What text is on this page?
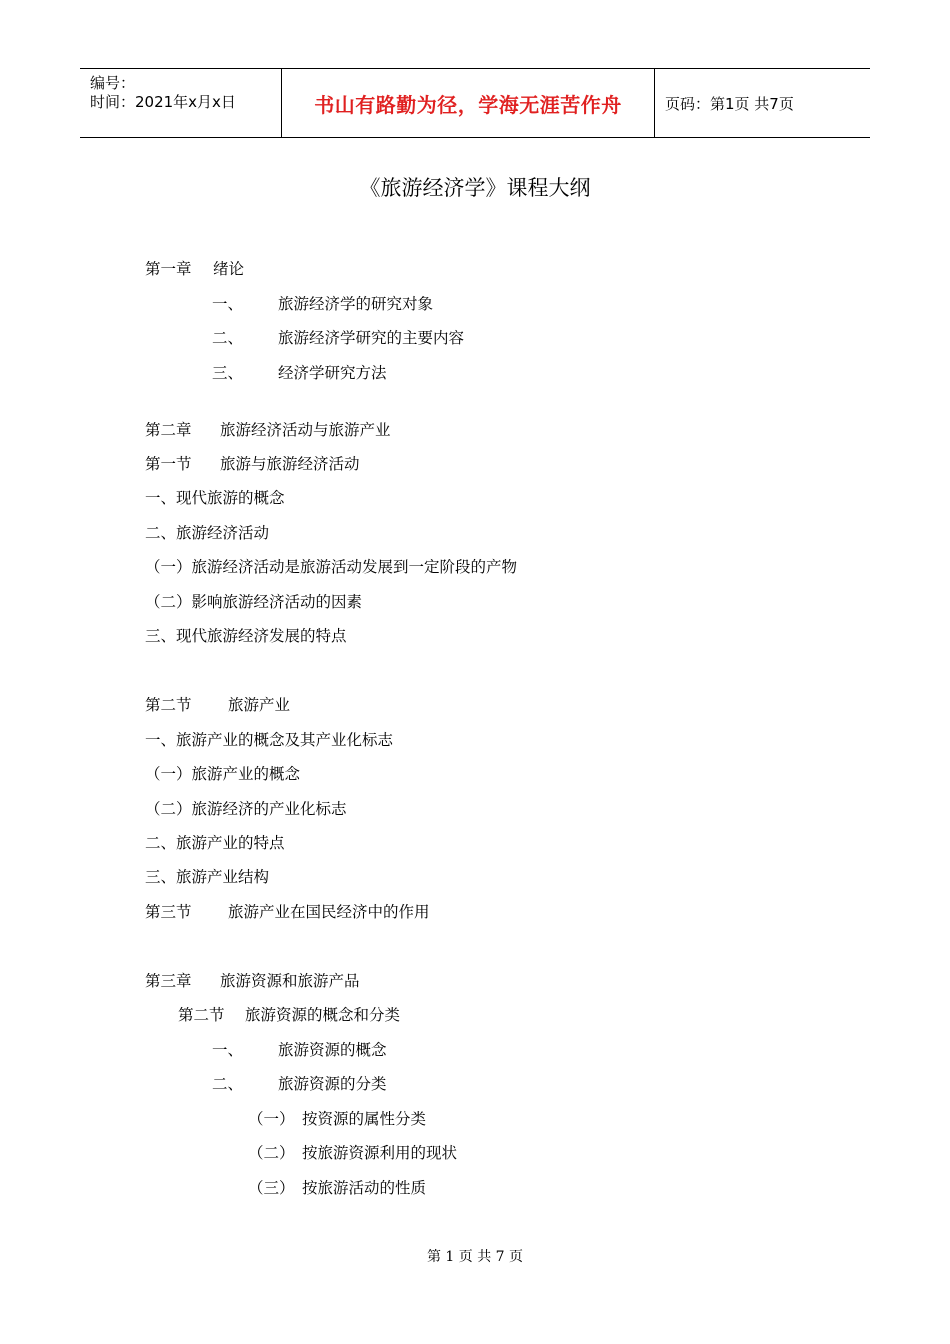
编号：
时间：2021年x月x日	书山有路勤为径，学海无涯苦作舟	页码：第1页 共7页
《旅游经济学》课程大纲
第一章 绪论
一、 旅游经济学的研究对象
二、 旅游经济学研究的主要内容
三、 经济学研究方法
第二章 旅游经济活动与旅游产业
第一节 旅游与旅游经济活动
一、现代旅游的概念
二、旅游经济活动
（一）旅游经济活动是旅游活动发展到一定阶段的产物
（二）影响旅游经济活动的因素
三、现代旅游经济发展的特点
第二节 旅游产业
一、旅游产业的概念及其产业化标志
（一）旅游产业的概念
（二）旅游经济的产业化标志
二、旅游产业的特点
三、旅游产业结构
第三节 旅游产业在国民经济中的作用
第三章 旅游资源和旅游产品
第二节 旅游资源的概念和分类
一、 旅游资源的概念
二、 旅游资源的分类
（一） 按资源的属性分类
（二） 按旅游资源利用的现状
（三） 按旅游活动的性质
第 1 页 共 7 页
